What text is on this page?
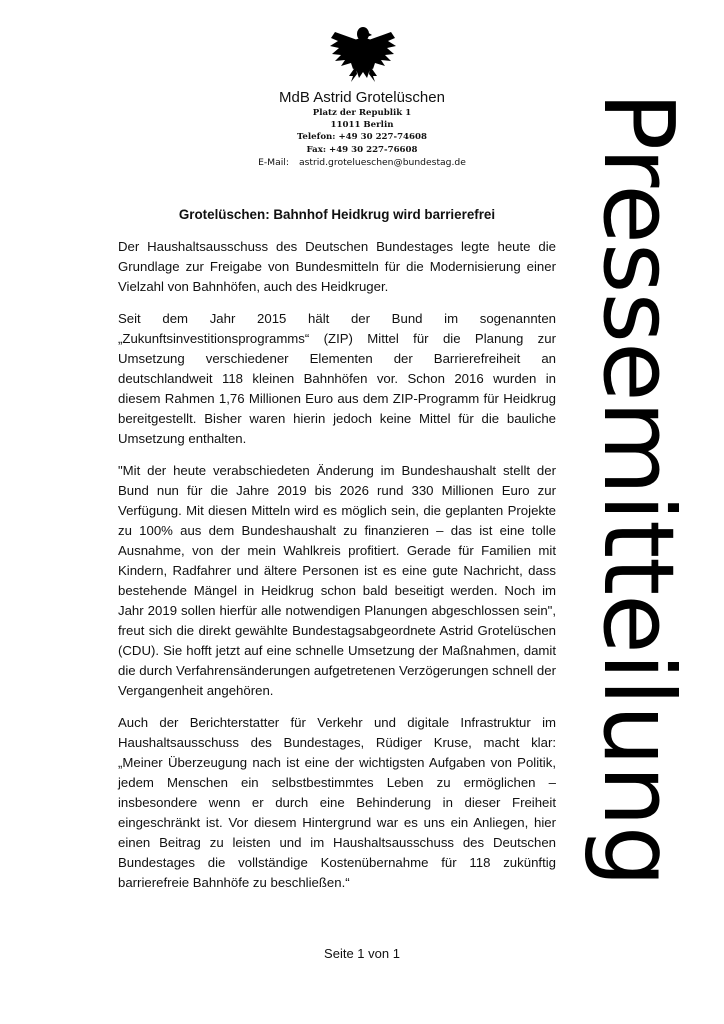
MdB Astrid Grotelüschen
Platz der Republik 1
11011 Berlin
Telefon: +49 30 227-74608
Fax: +49 30 227-76608
E-Mail: astrid.grotelueschen@bundestag.de	Pressemitteilung
Grotelüschen: Bahnhof Heidkrug wird barrierefrei

Der Haushaltsausschuss des Deutschen Bundestages legte heute die Grundlage zur Freigabe von Bundesmitteln für die Modernisierung einer Vielzahl von Bahnhöfen, auch des Heidkruger.

Seit dem Jahr 2015 hält der Bund im sogenannten „Zukunftsinvestitionsprogramms“ (ZIP) Mittel für die Planung zur Umsetzung verschiedener Elementen der Barrierefreiheit an deutschlandweit 118 kleinen Bahnhöfen vor. Schon 2016 wurden in diesem Rahmen 1,76 Millionen Euro aus dem ZIP-Programm für Heidkrug bereitgestellt. Bisher waren hierin jedoch keine Mittel für die bauliche Umsetzung enthalten.

"Mit der heute verabschiedeten Änderung im Bundeshaushalt stellt der Bund nun für die Jahre 2019 bis 2026 rund 330 Millionen Euro zur Verfügung. Mit diesen Mitteln wird es möglich sein, die geplanten Projekte zu 100% aus dem Bundeshaushalt zu finanzieren – das ist eine tolle Ausnahme, von der mein Wahlkreis profitiert. Gerade für Familien mit Kindern, Radfahrer und ältere Personen ist es eine gute Nachricht, dass bestehende Mängel in Heidkrug schon bald beseitigt werden. Noch im Jahr 2019 sollen hierfür alle notwendigen Planungen abgeschlossen sein", freut sich die direkt gewählte Bundestagsabgeordnete Astrid Grotelüschen (CDU). Sie hofft jetzt auf eine schnelle Umsetzung der Maßnahmen, damit die durch Verfahrensänderungen aufgetretenen Verzögerungen schnell der Vergangenheit angehören.

Auch der Berichterstatter für Verkehr und digitale Infrastruktur im Haushaltsausschuss des Bundestages, Rüdiger Kruse, macht klar: „Meiner Überzeugung nach ist eine der wichtigsten Aufgaben von Politik, jedem Menschen ein selbstbestimmtes Leben zu ermöglichen – insbesondere wenn er durch eine Behinderung in dieser Freiheit eingeschränkt ist. Vor diesem Hintergrund war es uns ein Anliegen, hier einen Beitrag zu leisten und im Haushaltsausschuss des Deutschen Bundestages die vollständige Kostenübernahme für 118 zukünftig barrierefreie Bahnhöfe zu beschließen.“

Seite 1 von 1
